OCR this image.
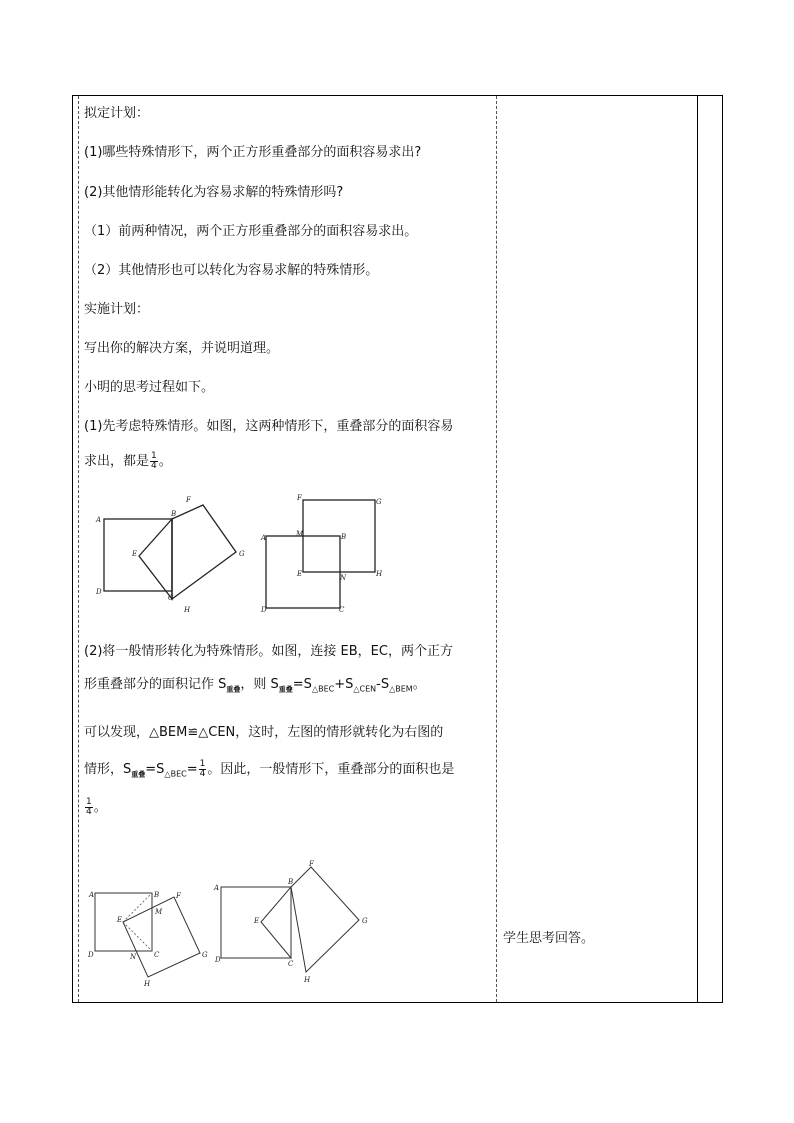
拟定计划：
(1)哪些特殊情形下，两个正方形重叠部分的面积容易求出?
(2)其他情形能转化为容易求解的特殊情形吗?
（1）前两种情况，两个正方形重叠部分的面积容易求出。
（2）其他情形也可以转化为容易求解的特殊情形。
实施计划：
写出你的解决方案，并说明道理。
小明的思考过程如下。
(1)先考虑特殊情形。如图，这两种情形下，重叠部分的面积容易
求出，都是 $\frac{1}{4}$ 。
A
B
F
E	G
D
C
H
F	G
A	M	B
E	N	H
D	C
(2)将一般情形转化为特殊情形。如图，连接 EB，EC，两个正方
形重叠部分的面积记作 $S_{重叠}$，则 $S_{重叠}=S_{\triangle BEC}+S_{\triangle CEN}-S_{\triangle BEM}$。
可以发现，△BEM≌△CEN，这时，左图的情形就转化为右图的
情形，$S_{重叠}=S_{\triangle BEC}= \frac{1}{4}$ 。因此，一般情形下，重叠部分的面积也是
$\frac{1}{4}$ 。
A	B F
E
M
D	N	C	G
H
A
B
F
E	G
D	C
H
学生思考回答。
